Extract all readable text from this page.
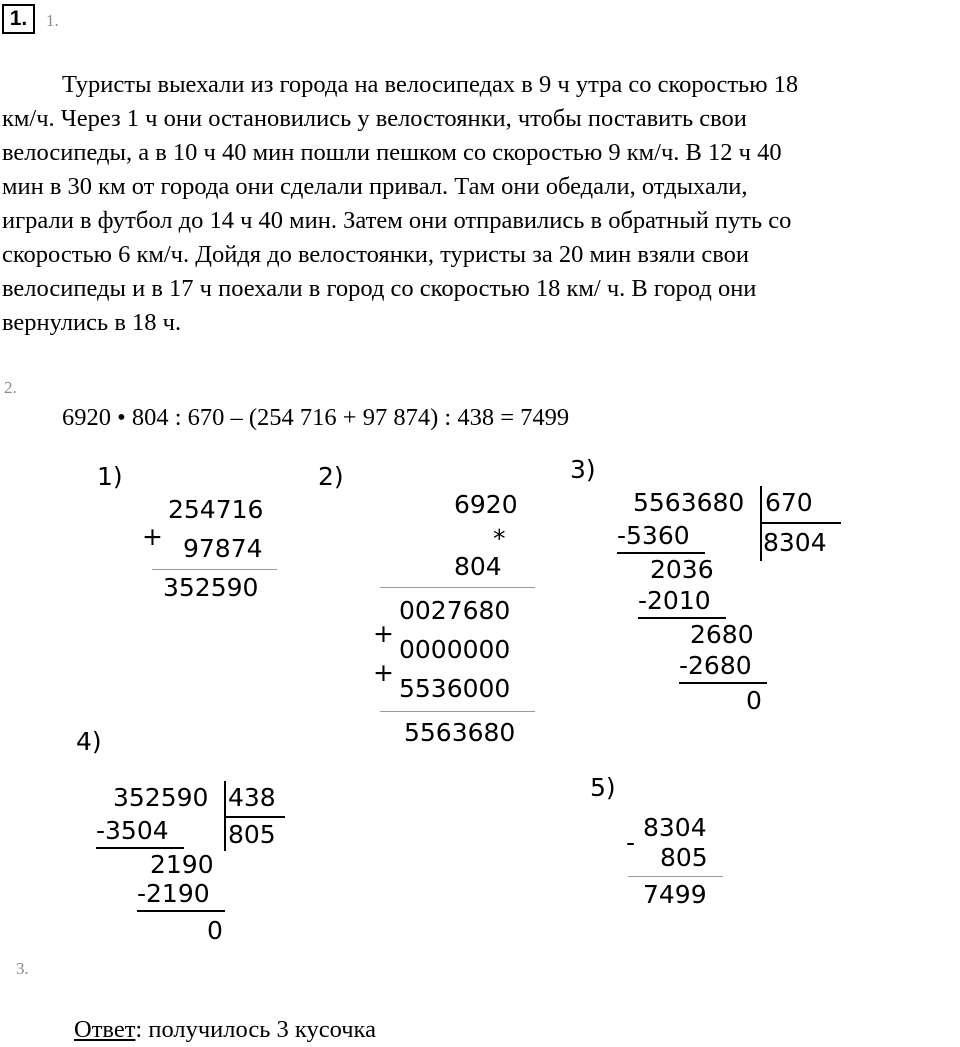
1.	1.
Туристы выехали из города на велосипедах в 9 ч утра со скоростью 18
км/ч. Через 1 ч они остановились у велостоянки, чтобы поставить свои
велосипеды, а в 10 ч 40 мин пошли пешком со скоростью 9 км/ч. В 12 ч 40
мин в 30 км от города они сделали привал. Там они обедали, отдыхали,
играли в футбол до 14 ч 40 мин. Затем они отправились в обратный путь со
скоростью 6 км/ч. Дойдя до велостоянки, туристы за 20 мин взяли свои
велосипеды и в 17 ч поехали в город со скоростью 18 км/ ч. В город они
вернулись в 18 ч.
2.
6920 • 804 : 670 – (254 716 + 97 874) : 438 = 7499
1)
254716
+ 97874
352590
2)
6920
*
804
0027680
+
0000000
+
5536000
5563680
3)
5563680 670
8304
-5360
2036
-2010
2680
-2680
0
4)
352590 438
805
-3504
2190
-2190
0
5)
-
8304
805
7499
3.
Ответ: получилось 3 кусочка
